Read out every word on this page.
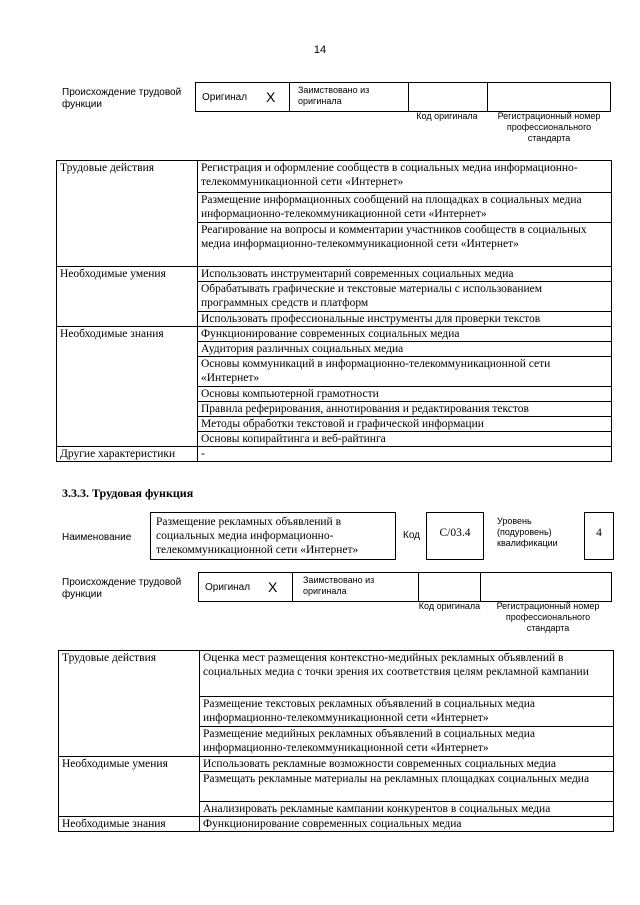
14
Происхождение трудовой функции
Оригинал X	Заимствовано из оригинала
Код оригинала	Регистрационный номер профессионального стандарта
Трудовые действия	Регистрация и оформление сообществ в социальных медиа информационно-телекоммуникационной сети «Интернет»
	Размещение информационных сообщений на площадках в социальных медиа информационно-телекоммуникационной сети «Интернет»
	Реагирование на вопросы и комментарии участников сообществ в социальных медиа информационно-телекоммуникационной сети «Интернет»
Необходимые умения	Использовать инструментарий современных социальных медиа
	Обрабатывать графические и текстовые материалы с использованием программных средств и платформ
	Использовать профессиональные инструменты для проверки текстов
Необходимые знания	Функционирование современных социальных медиа
	Аудитория различных социальных медиа
	Основы коммуникаций в информационно-телекоммуникационной сети «Интернет»
	Основы компьютерной грамотности
	Правила реферирования, аннотирования и редактирования текстов
	Методы обработки текстовой и графической информации
	Основы копирайтинга и веб-райтинга
Другие характеристики	-
3.3.3. Трудовая функция
Наименование
Размещение рекламных объявлений в социальных медиа информационно-телекоммуникационной сети «Интернет»
Код	C/03.4
Уровень (подуровень) квалификации
4
Происхождение трудовой функции
Оригинал X	Заимствовано из оригинала
Код оригинала	Регистрационный номер профессионального стандарта
Трудовые действия	Оценка мест размещения контекстно-медийных рекламных объявлений в социальных медиа с точки зрения их соответствия целям рекламной кампании
	Размещение текстовых рекламных объявлений в социальных медиа информационно-телекоммуникационной сети «Интернет»
	Размещение медийных рекламных объявлений в социальных медиа информационно-телекоммуникационной сети «Интернет»
Необходимые умения	Использовать рекламные возможности современных социальных медиа
	Размещать рекламные материалы на рекламных площадках социальных медиа
	Анализировать рекламные кампании конкурентов в социальных медиа
Необходимые знания	Функционирование современных социальных медиа
